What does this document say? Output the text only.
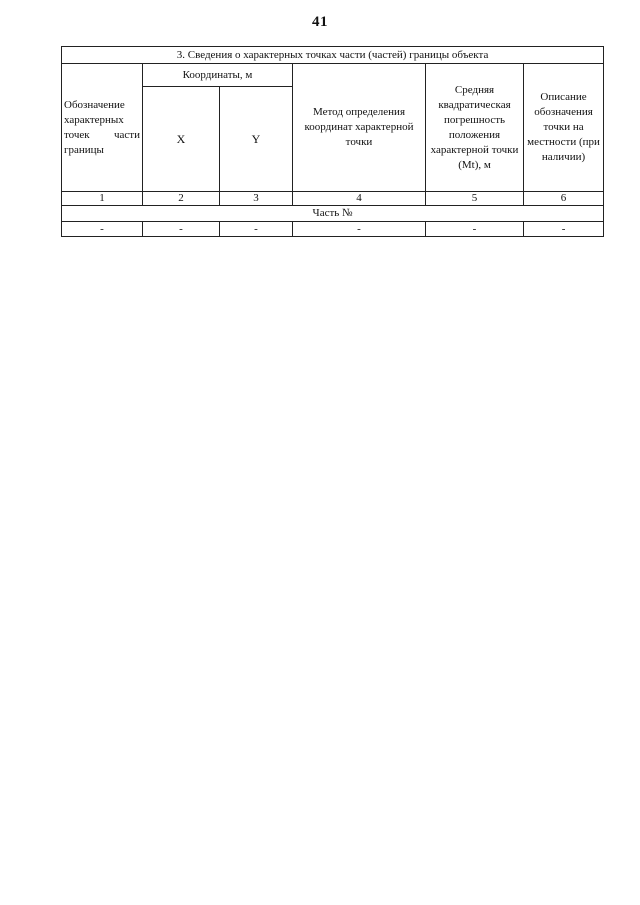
41
3. Сведения о характерных точках части (частей) границы объекта					
Обозначение характерных точек части границы	Координаты, м		Метод определения координат характерной точки	Средняя квадратическая погрешность положения характерной точки (Mt), м	Описание обозначения точки на местности (при наличии)
	X	Y			
1	2	3	4	5	6
Часть №					
-	-	-	-	-	-
